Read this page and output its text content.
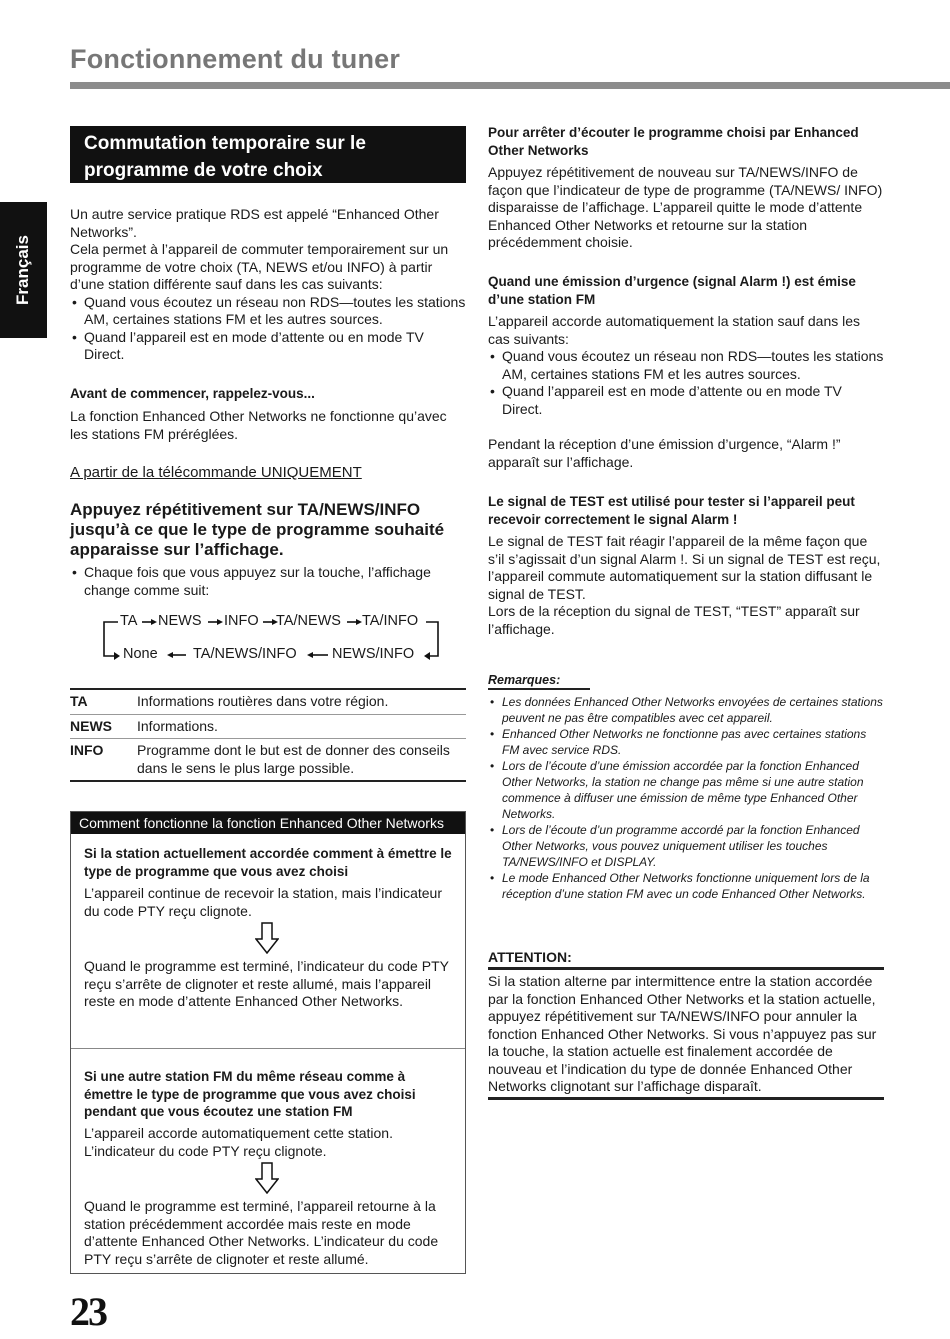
Fonctionnement du tuner
Français
Commutation temporaire sur le
programme de votre choix

Un autre service pratique RDS est appelé “Enhanced Other Networks”.

Cela permet à l’appareil de commuter temporairement sur un programme de votre choix (TA, NEWS et/ou INFO) à partir d’une station différente sauf dans les cas suivants:

• Quand vous écoutez un réseau non RDS—toutes les stations AM, certaines stations FM et les autres sources.
• Quand l’appareil est en mode d’attente ou en mode TV Direct.
Avant de commencer, rappelez-vous...

La fonction Enhanced Other Networks ne fonctionne qu’avec les stations FM préréglées.

A partir de la télécommande UNIQUEMENT
Appuyez répétitivement sur TA/NEWS/INFO jusqu’à ce que le type de programme souhaité apparaisse sur l’affichage.
• Chaque fois que vous appuyez sur la touche, l’affichage change comme suit:
TA NEWS INFO TA/NEWS TA/INFO
None TA/NEWS/INFO NEWS/INFO
TA	Informations routières dans votre région.
NEWS	Informations.
INFO	Programme dont le but est de donner des conseils dans le sens le plus large possible.
Comment fonctionne la fonction Enhanced Other Networks
Si la station actuellement accordée comment à émettre le type de programme que vous avez choisi

L’appareil continue de recevoir la station, mais l’indicateur du code PTY reçu clignote.

Quand le programme est terminé, l’indicateur du code PTY reçu s’arrête de clignoter et reste allumé, mais l’appareil reste en mode d’attente Enhanced Other Networks.

Si une autre station FM du même réseau comme à émettre le type de programme que vous avez choisi pendant que vous écoutez une station FM

L’appareil accorde automatiquement cette station. L’indicateur du code PTY reçu clignote.

Quand le programme est terminé, l’appareil retourne à la station précédemment accordée mais reste en mode d’attente Enhanced Other Networks. L’indicateur du code PTY reçu s’arrête de clignoter et reste allumé.

Pour arrêter d’écouter le programme choisi par Enhanced Other Networks

Appuyez répétitivement de nouveau sur TA/NEWS/INFO de façon que l’indicateur de type de programme (TA/NEWS/ INFO) disparaisse de l’affichage. L’appareil quitte le mode d’attente Enhanced Other Networks et retourne sur la station précédemment choisie.

Quand une émission d’urgence (signal Alarm !) est émise d’une station FM

L’appareil accorde automatiquement la station sauf dans les cas suivants:

• Quand vous écoutez un réseau non RDS—toutes les stations AM, certaines stations FM et les autres sources.
• Quand l’appareil est en mode d’attente ou en mode TV Direct.

Pendant la réception d’une émission d’urgence, “Alarm !” apparaît sur l’affichage.

Le signal de TEST est utilisé pour tester si l’appareil peut recevoir correctement le signal Alarm !

Le signal de TEST fait réagir l’appareil de la même façon que s’il s’agissait d’un signal Alarm !. Si un signal de TEST est reçu, l’appareil commute automatiquement sur la station diffusant le signal de TEST.

Lors de la réception du signal de TEST, “TEST” apparaît sur l’affichage.

Remarques:
• Les données Enhanced Other Networks envoyées de certaines stations peuvent ne pas être compatibles avec cet appareil.
• Enhanced Other Networks ne fonctionne pas avec certaines stations FM avec service RDS.
• Lors de l’écoute d’une émission accordée par la fonction Enhanced Other Networks, la station ne change pas même si une autre station commence à diffuser une émission de même type Enhanced Other Networks.
• Lors de l’écoute d’un programme accordé par la fonction Enhanced Other Networks, vous pouvez uniquement utiliser les touches TA/NEWS/INFO et DISPLAY.
• Le mode Enhanced Other Networks fonctionne uniquement lors de la réception d’une station FM avec un code Enhanced Other Networks.
ATTENTION:

Si la station alterne par intermittence entre la station accordée par la fonction Enhanced Other Networks et la station actuelle, appuyez répétitivement sur TA/NEWS/INFO pour annuler la fonction Enhanced Other Networks. Si vous n’appuyez pas sur la touche, la station actuelle est finalement accordée de nouveau et l’indication du type de donnée Enhanced Other Networks clignotant sur l’affichage disparaît.

23
